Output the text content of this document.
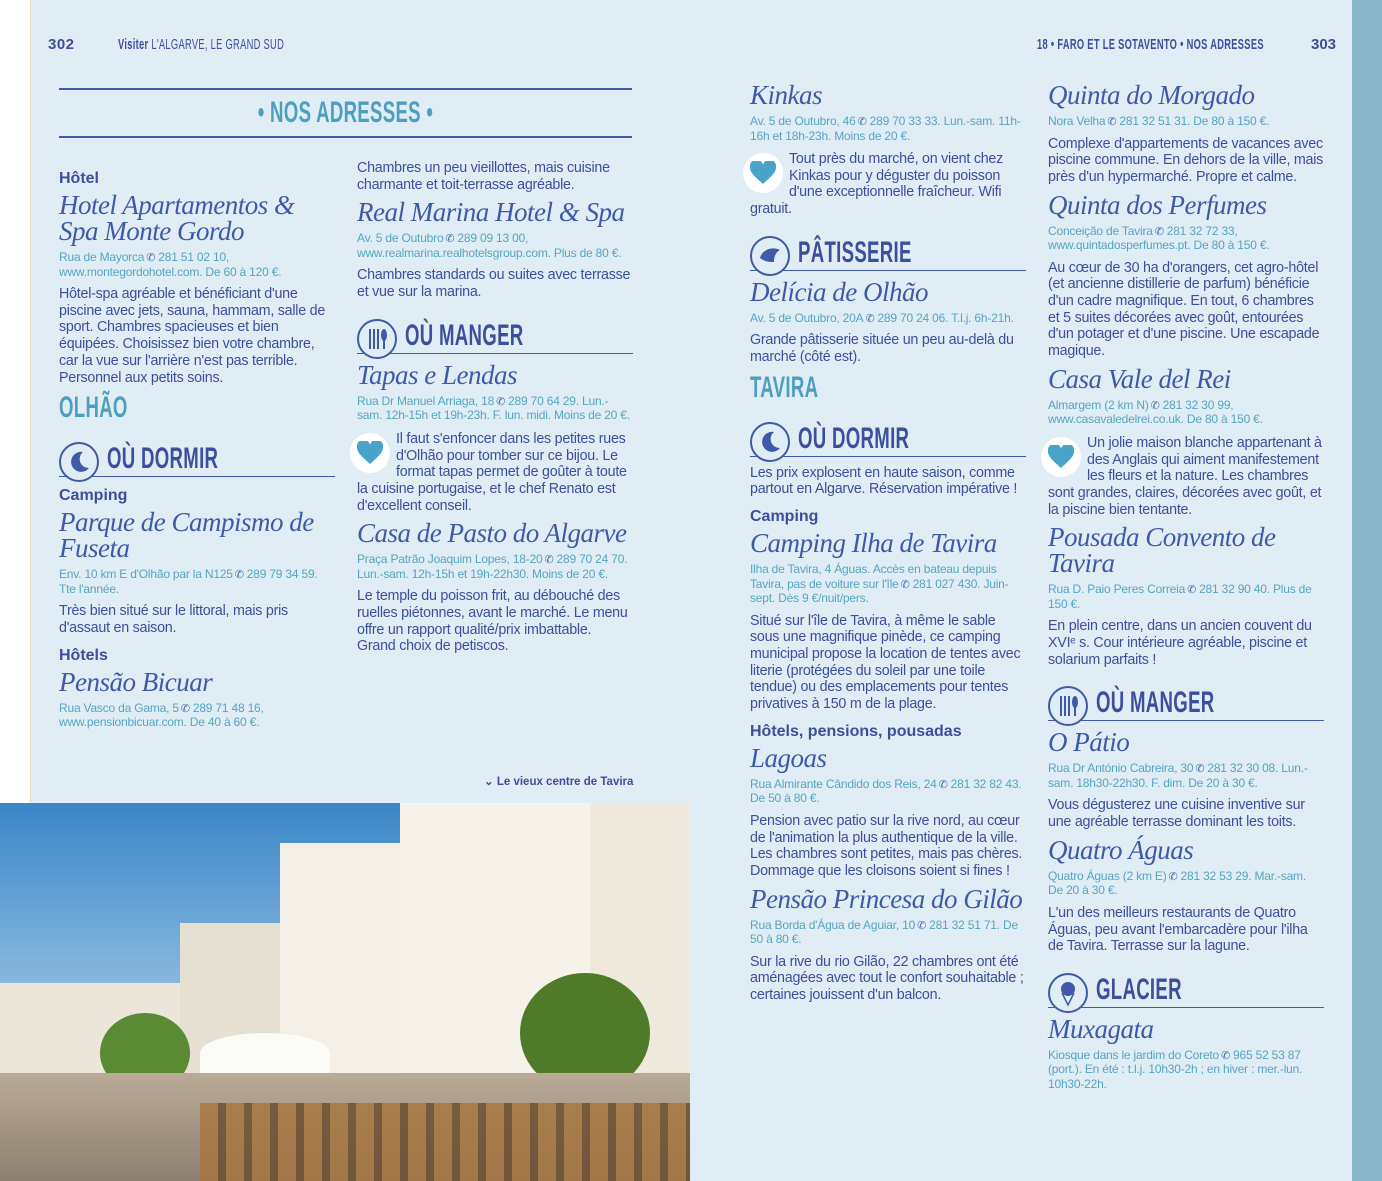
302	Visiter L'ALGARVE, LE GRAND SUD	18 • FARO ET LE SOTAVENTO • NOS ADRESSES	303
• NOS ADRESSES •
Hôtel
Hotel Apartamentos & Spa Monte Gordo
Rua de Mayorca ✆ 281 51 02 10, www.montegordohotel.com. De 60 à 120 €.
Hôtel-spa agréable et bénéficiant d'une piscine avec jets, sauna, hammam, salle de sport. Chambres spacieuses et bien équipées. Choisissez bien votre chambre, car la vue sur l'arrière n'est pas terrible. Personnel aux petits soins.
OLHÃO
OÙ DORMIR
Camping
Parque de Campismo de Fuseta
Env. 10 km E d'Olhão par la N125 ✆ 289 79 34 59. Tte l'année.
Très bien situé sur le littoral, mais pris d'assaut en saison.
Hôtels
Pensão Bicuar
Rua Vasco da Gama, 5 ✆ 289 71 48 16, www.pensionbicuar.com. De 40 à 60 €.
Chambres un peu vieillottes, mais cuisine charmante et toit-terrasse agréable.
Real Marina Hotel & Spa
Av. 5 de Outubro ✆ 289 09 13 00, www.realmarina.realhotelsgroup.com. Plus de 80 €.
Chambres standards ou suites avec terrasse et vue sur la marina.
OÙ MANGER
Tapas e Lendas
Rua Dr Manuel Arriaga, 18 ✆ 289 70 64 29. Lun.-sam. 12h-15h et 19h-23h. F. lun. midi. Moins de 20 €.
Il faut s'enfoncer dans les petites rues d'Olhão pour tomber sur ce bijou. Le format tapas permet de goûter à toute la cuisine portugaise, et le chef Renato est d'excellent conseil.
Casa de Pasto do Algarve
Praça Patrão Joaquim Lopes, 18-20 ✆ 289 70 24 70. Lun.-sam. 12h-15h et 19h-22h30. Moins de 20 €.
Le temple du poisson frit, au débouché des ruelles piétonnes, avant le marché. Le menu offre un rapport qualité/prix imbattable. Grand choix de petiscos.
Kinkas
Av. 5 de Outubro, 46 ✆ 289 70 33 33. Lun.-sam. 11h-16h et 18h-23h. Moins de 20 €.
Tout près du marché, on vient chez Kinkas pour y déguster du poisson d'une exceptionnelle fraîcheur. Wifi gratuit.
PÂTISSERIE
Delícia de Olhão
Av. 5 de Outubro, 20A ✆ 289 70 24 06. T.l.j. 6h-21h.
Grande pâtisserie située un peu au-delà du marché (côté est).
TAVIRA
OÙ DORMIR
Les prix explosent en haute saison, comme partout en Algarve. Réservation impérative !
Camping
Camping Ilha de Tavira
Ilha de Tavira, 4 Águas. Accès en bateau depuis Tavira, pas de voiture sur l'île ✆ 281 027 430. Juin-sept. Dès 9 €/nuit/pers.
Situé sur l'île de Tavira, à même le sable sous une magnifique pinède, ce camping municipal propose la location de tentes avec literie (protégées du soleil par une toile tendue) ou des emplacements pour tentes privatives à 150 m de la plage.
Hôtels, pensions, pousadas
Lagoas
Rua Almirante Cândido dos Reis, 24 ✆ 281 32 82 43. De 50 à 80 €.
Pension avec patio sur la rive nord, au cœur de l'animation la plus authentique de la ville. Les chambres sont petites, mais pas chères. Dommage que les cloisons soient si fines !
Pensão Princesa do Gilão
Rua Borda d'Água de Aguiar, 10 ✆ 281 32 51 71. De 50 à 80 €.
Sur la rive du rio Gilão, 22 chambres ont été aménagées avec tout le confort souhaitable ; certaines jouissent d'un balcon.
Quinta do Morgado
Nora Velha ✆ 281 32 51 31. De 80 à 150 €.
Complexe d'appartements de vacances avec piscine commune. En dehors de la ville, mais près d'un hypermarché. Propre et calme.
Quinta dos Perfumes
Conceição de Tavira ✆ 281 32 72 33, www.quintadosperfumes.pt. De 80 à 150 €.
Au cœur de 30 ha d'orangers, cet agro-hôtel (et ancienne distillerie de parfum) bénéficie d'un cadre magnifique. En tout, 6 chambres et 5 suites décorées avec goût, entourées d'un potager et d'une piscine. Une escapade magique.
Casa Vale del Rei
Almargem (2 km N) ✆ 281 32 30 99, www.casavaledelrei.co.uk. De 80 à 150 €.
Un jolie maison blanche appartenant à des Anglais qui aiment manifestement les fleurs et la nature. Les chambres sont grandes, claires, décorées avec goût, et la piscine bien tentante.
Pousada Convento de Tavira
Rua D. Paio Peres Correia ✆ 281 32 90 40. Plus de 150 €.
En plein centre, dans un ancien couvent du XVIᵉ s. Cour intérieure agréable, piscine et solarium parfaits !
OÙ MANGER
O Pátio
Rua Dr António Cabreira, 30 ✆ 281 32 30 08. Lun.-sam. 18h30-22h30. F. dim. De 20 à 30 €.
Vous dégusterez une cuisine inventive sur une agréable terrasse dominant les toits.
Quatro Águas
Quatro Águas (2 km E) ✆ 281 32 53 29. Mar.-sam. De 20 à 30 €.
L'un des meilleurs restaurants de Quatro Águas, peu avant l'embarcadère pour l'ilha de Tavira. Terrasse sur la lagune.
GLACIER
Muxagata
Kiosque dans le jardim do Coreto ✆ 965 52 53 87 (port.). En été : t.l.j. 10h30-2h ; en hiver : mer.-lun. 10h30-22h.
⌄ Le vieux centre de Tavira
